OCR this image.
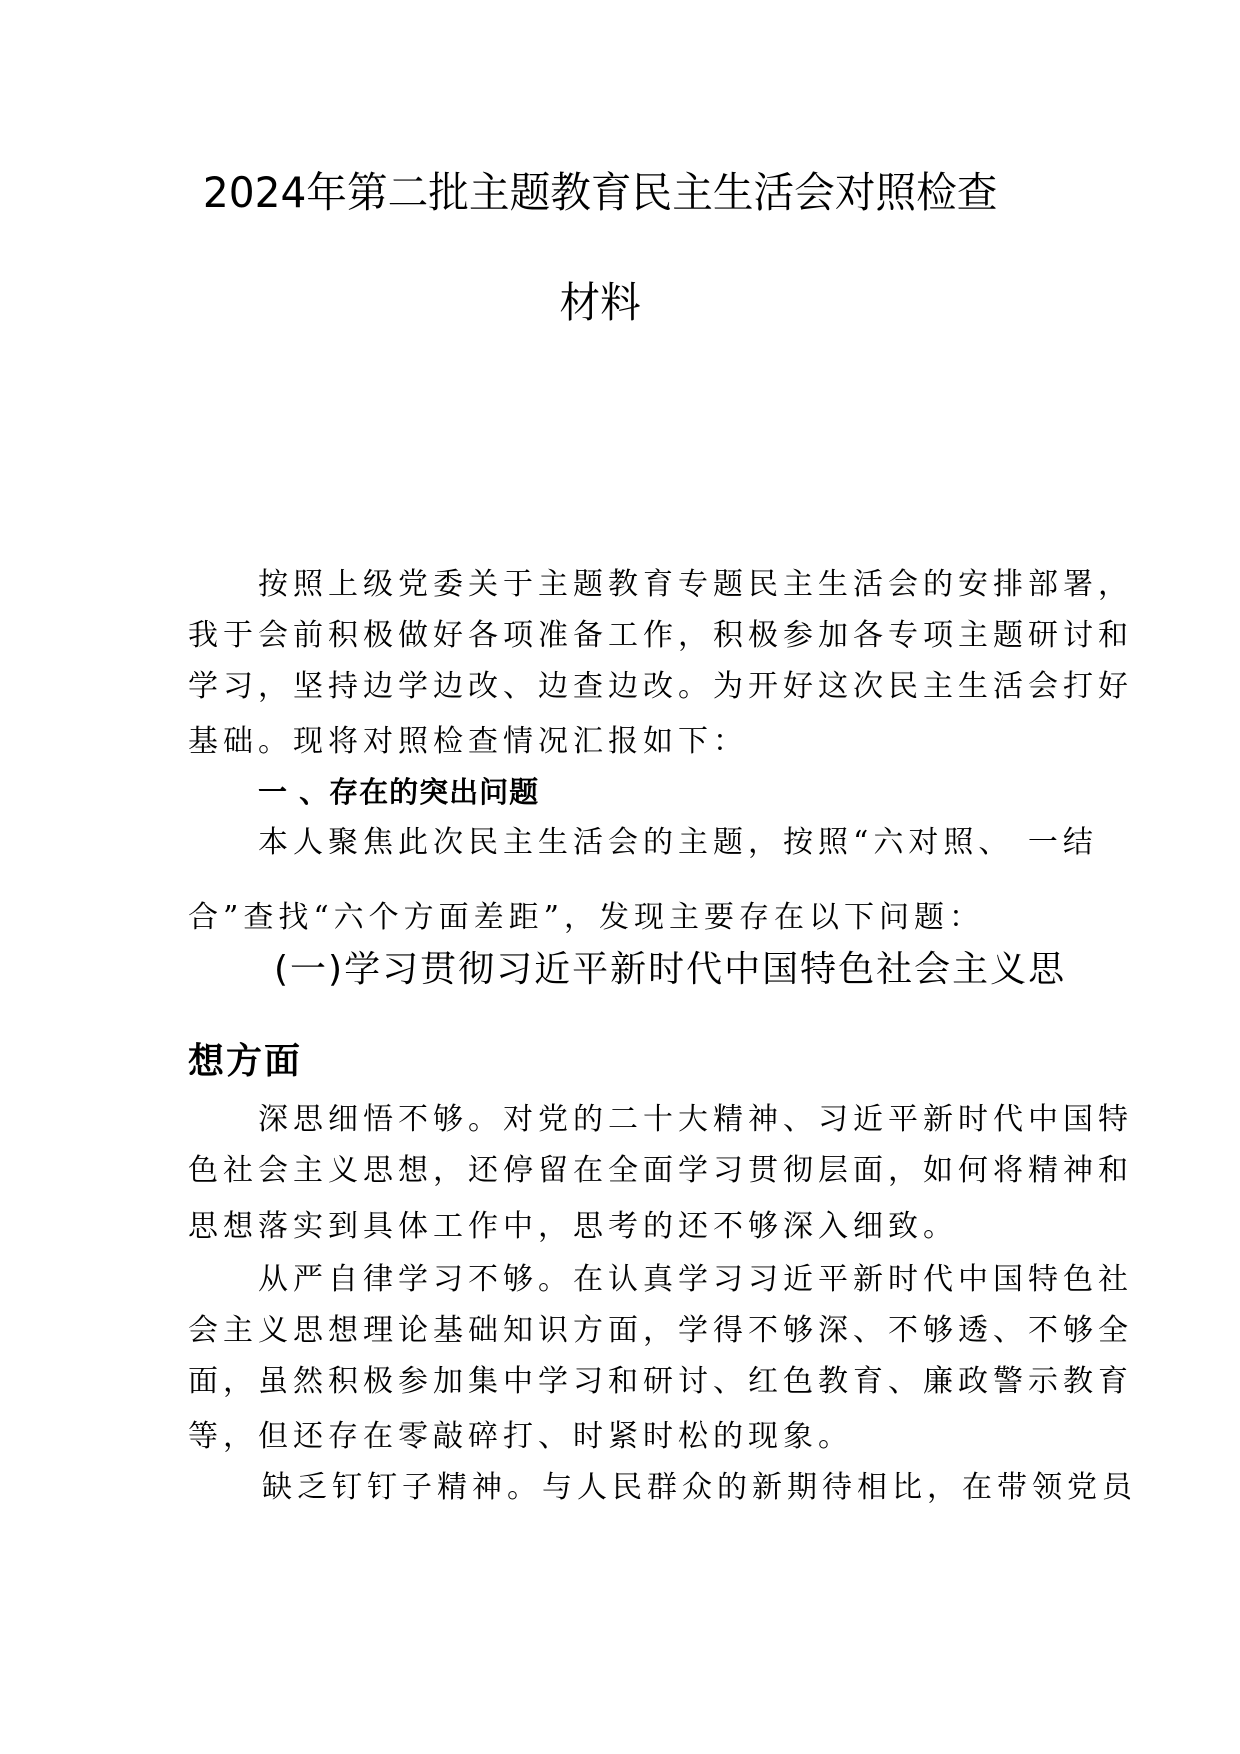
2024年第二批主题教育民主生活会对照检查
材料

按照上级党委关于主题教育专题民主生活会的安排部署，

我于会前积极做好各项准备工作，积极参加各专项主题研讨和

学习，坚持边学边改、边查边改。为开好这次民主生活会打好

基础。现将对照检查情况汇报如下：

一 、存在的突出问题

本人聚焦此次民主生活会的主题，按照“六对照、 一结

合”查找“六个方面差距”，发现主要存在以下问题：

(一)学习贯彻习近平新时代中国特色社会主义思

想方面

深思细悟不够。对党的二十大精神、习近平新时代中国特

色社会主义思想，还停留在全面学习贯彻层面，如何将精神和

思想落实到具体工作中，思考的还不够深入细致。

从严自律学习不够。在认真学习习近平新时代中国特色社

会主义思想理论基础知识方面，学得不够深、不够透、不够全

面，虽然积极参加集中学习和研讨、红色教育、廉政警示教育

等，但还存在零敲碎打、时紧时松的现象。

缺乏钉钉子精神。与人民群众的新期待相比，在带领党员
